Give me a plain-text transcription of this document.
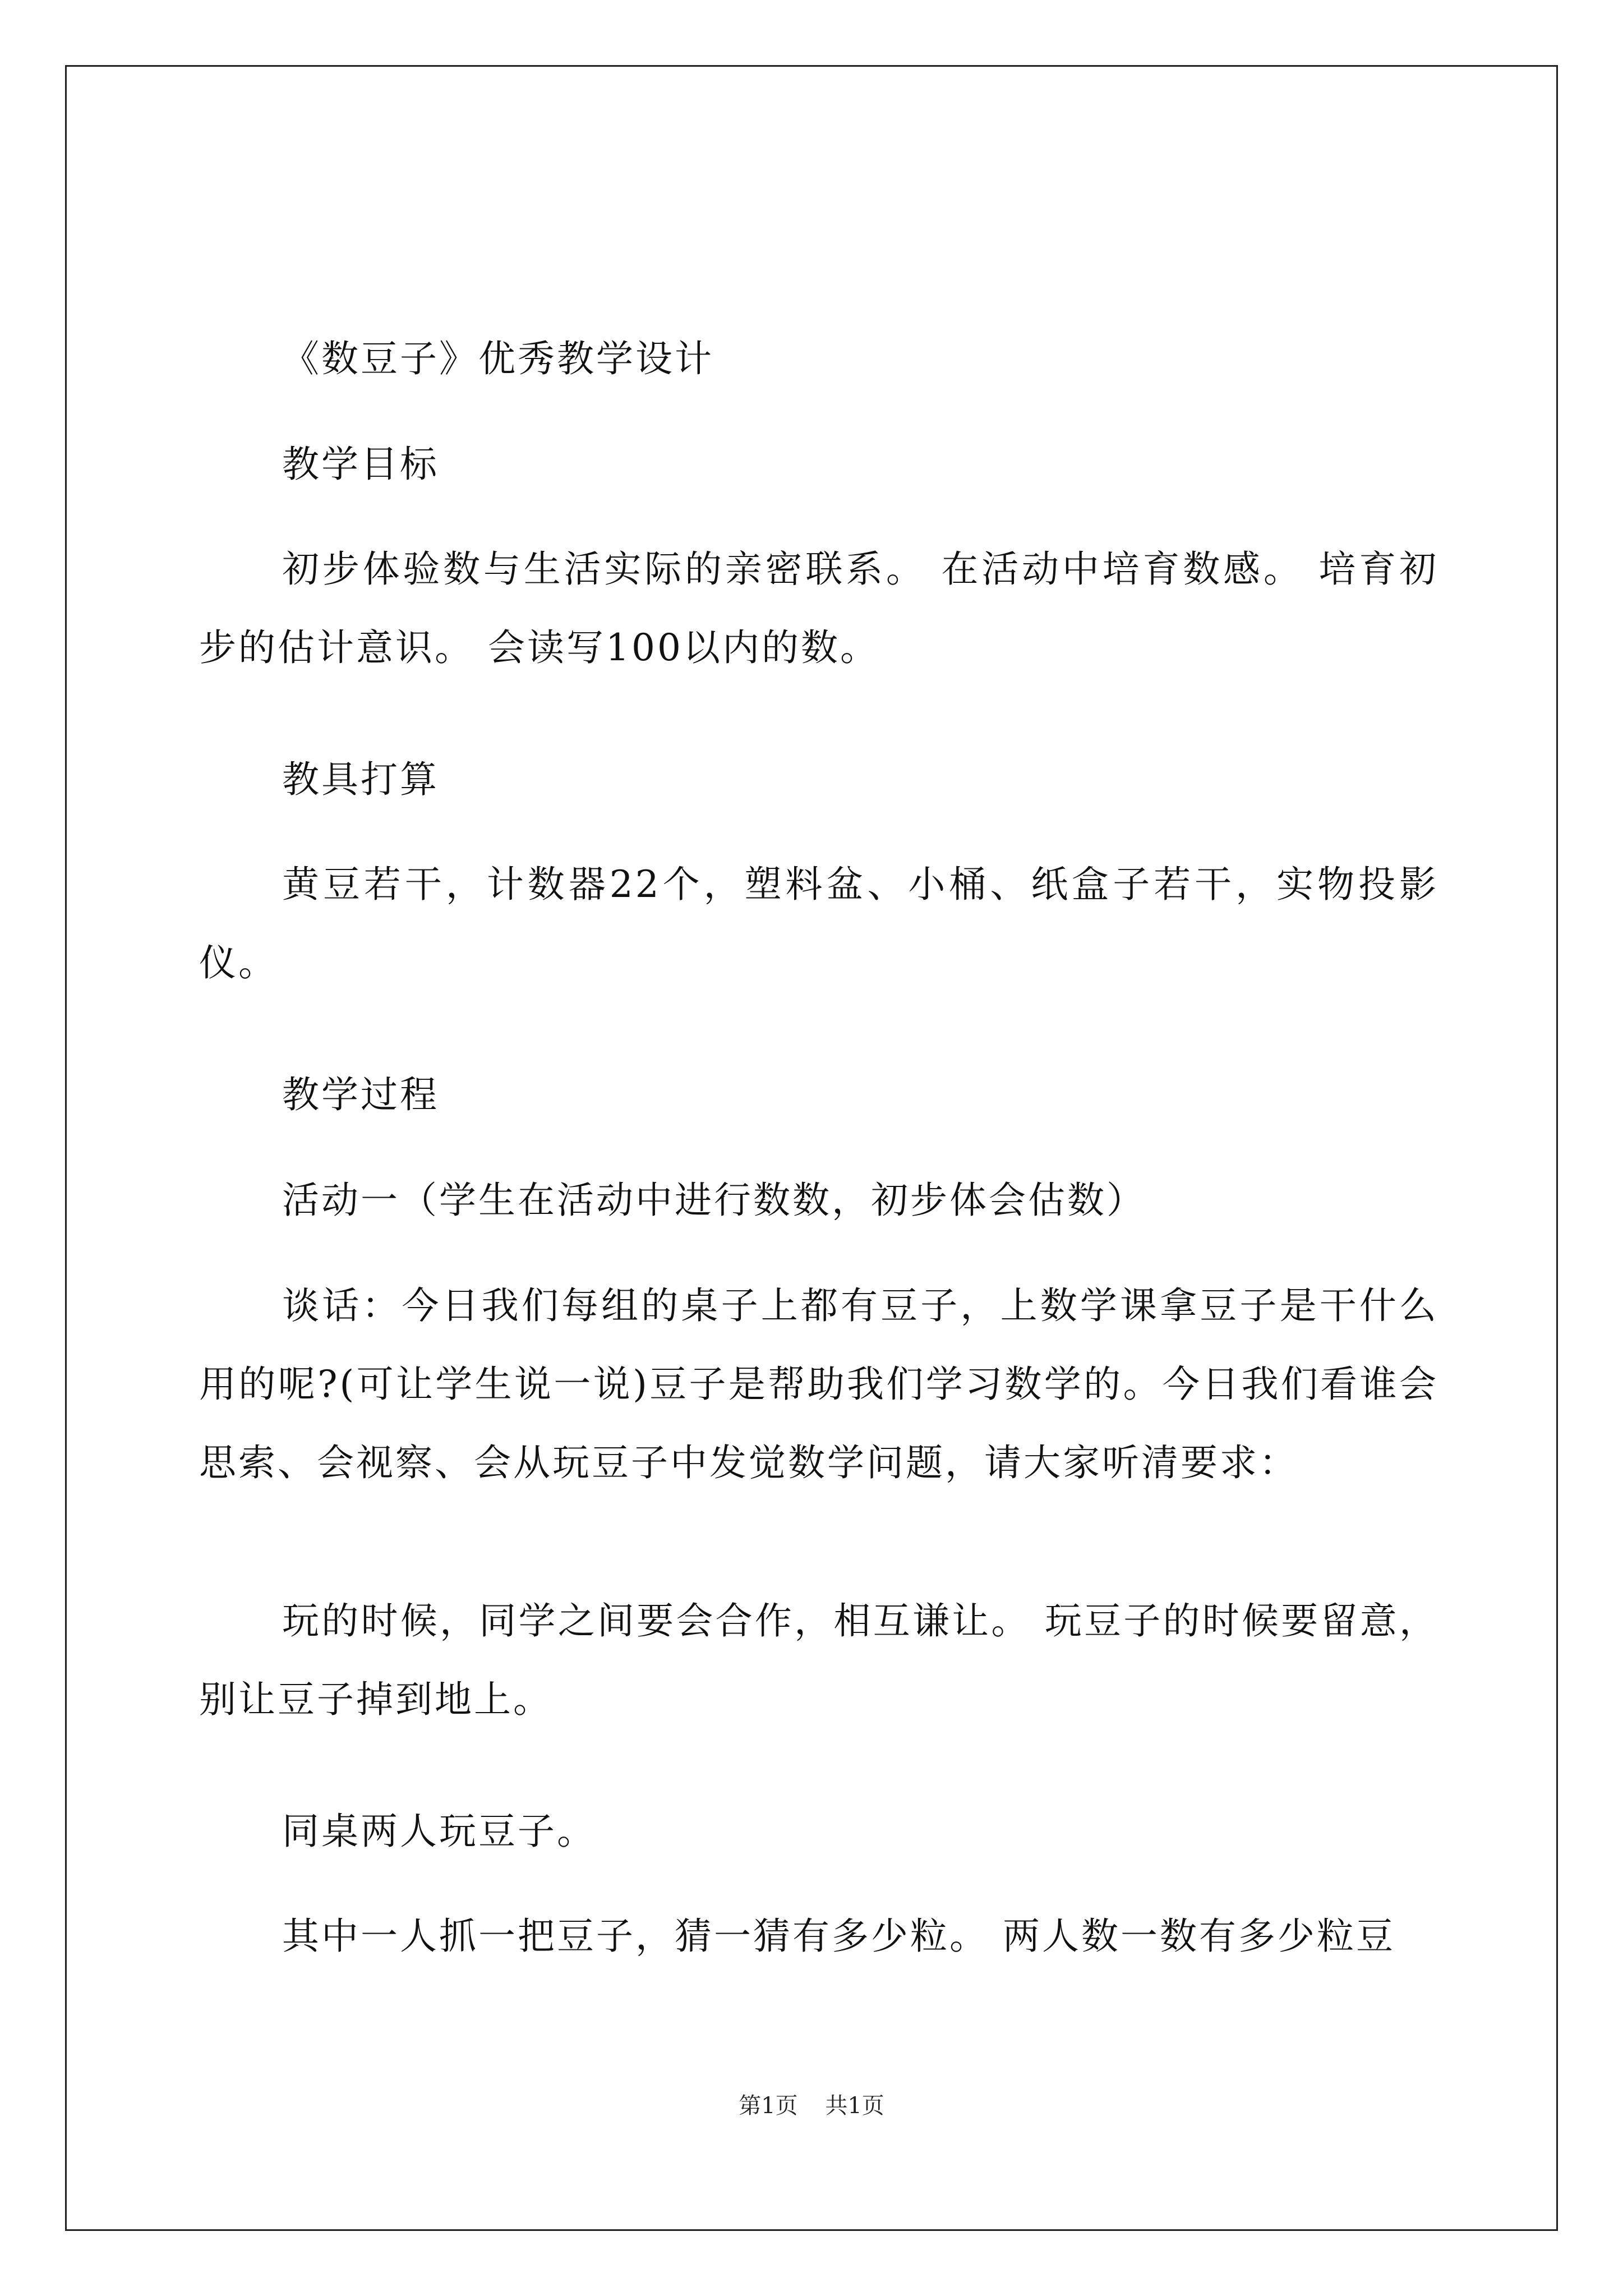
《数豆子》优秀教学设计

教学目标

初步体验数与生活实际的亲密联系。 在活动中培育数感。 培育初步的估计意识。 会读写100以内的数。

教具打算

黄豆若干，计数器22个，塑料盆、小桶、纸盒子若干，实物投影仪。

教学过程

活动一（学生在活动中进行数数，初步体会估数）

谈话：今日我们每组的桌子上都有豆子，上数学课拿豆子是干什么用的呢?(可让学生说一说)豆子是帮助我们学习数学的。今日我们看谁会思索、会视察、会从玩豆子中发觉数学问题，请大家听清要求：

玩的时候，同学之间要会合作，相互谦让。 玩豆子的时候要留意，别让豆子掉到地上。

同桌两人玩豆子。

其中一人抓一把豆子，猜一猜有多少粒。 两人数一数有多少粒豆

第1页 共1页
